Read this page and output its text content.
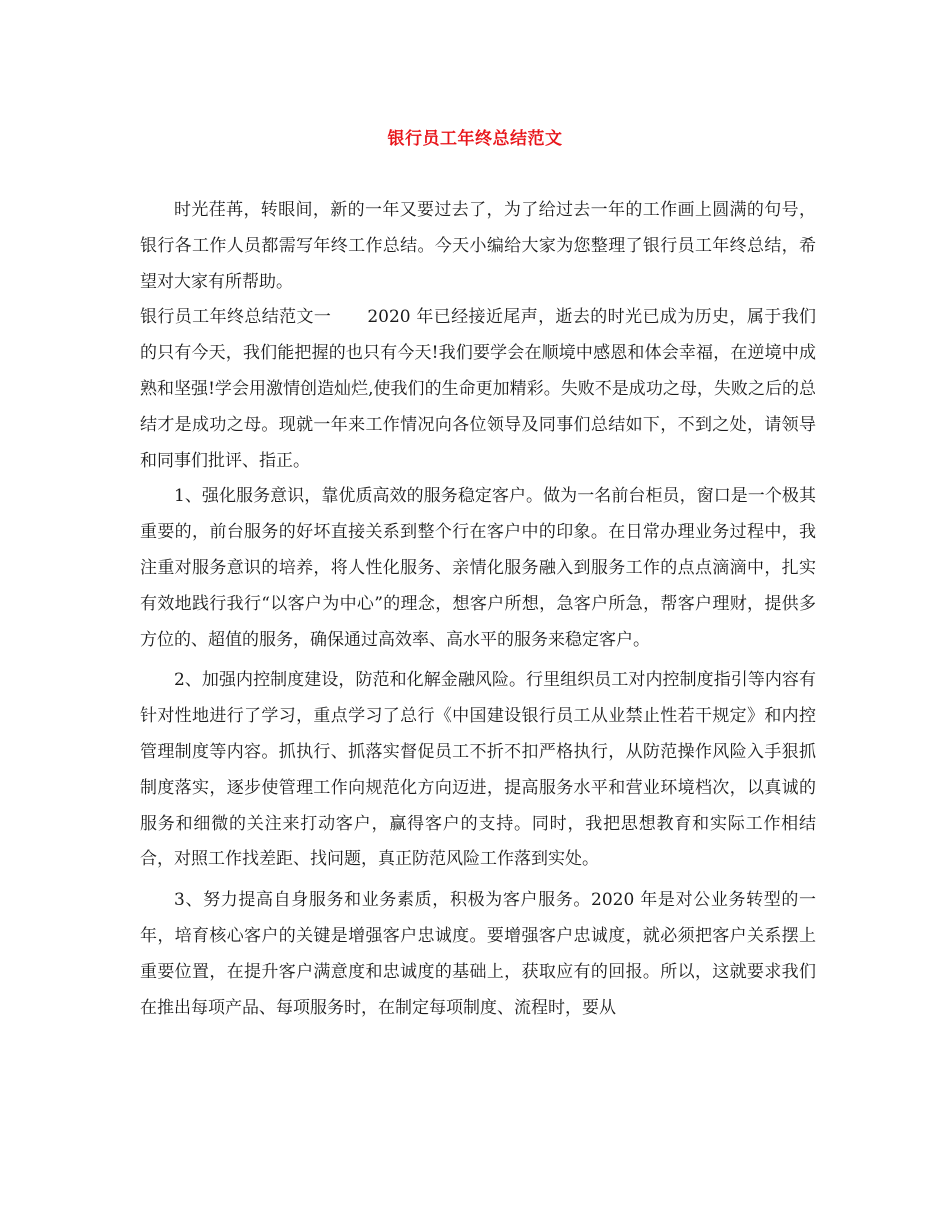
银行员工年终总结范文

时光荏苒，转眼间，新的一年又要过去了，为了给过去一年的工作画上圆满的句号，银行各工作人员都需写年终工作总结。今天小编给大家为您整理了银行员工年终总结，希望对大家有所帮助。

银行员工年终总结范文一 2020 年已经接近尾声，逝去的时光已成为历史，属于我们的只有今天，我们能把握的也只有今天!我们要学会在顺境中感恩和体会幸福，在逆境中成熟和坚强!学会用激情创造灿烂,使我们的生命更加精彩。失败不是成功之母，失败之后的总结才是成功之母。现就一年来工作情况向各位领导及同事们总结如下，不到之处，请领导和同事们批评、指正。

1、强化服务意识，靠优质高效的服务稳定客户。做为一名前台柜员，窗口是一个极其重要的，前台服务的好坏直接关系到整个行在客户中的印象。在日常办理业务过程中，我注重对服务意识的培养，将人性化服务、亲情化服务融入到服务工作的点点滴滴中，扎实有效地践行我行“以客户为中心”的理念，想客户所想，急客户所急，帮客户理财，提供多方位的、超值的服务，确保通过高效率、高水平的服务来稳定客户。

2、加强内控制度建设，防范和化解金融风险。行里组织员工对内控制度指引等内容有针对性地进行了学习，重点学习了总行《中国建设银行员工从业禁止性若干规定》和内控管理制度等内容。抓执行、抓落实督促员工不折不扣严格执行，从防范操作风险入手狠抓制度落实，逐步使管理工作向规范化方向迈进，提高服务水平和营业环境档次，以真诚的服务和细微的关注来打动客户，赢得客户的支持。同时，我把思想教育和实际工作相结合，对照工作找差距、找问题，真正防范风险工作落到实处。

3、努力提高自身服务和业务素质，积极为客户服务。2020 年是对公业务转型的一年，培育核心客户的关键是增强客户忠诚度。要增强客户忠诚度，就必须把客户关系摆上重要位置，在提升客户满意度和忠诚度的基础上，获取应有的回报。所以，这就要求我们在推出每项产品、每项服务时，在制定每项制度、流程时，要从
